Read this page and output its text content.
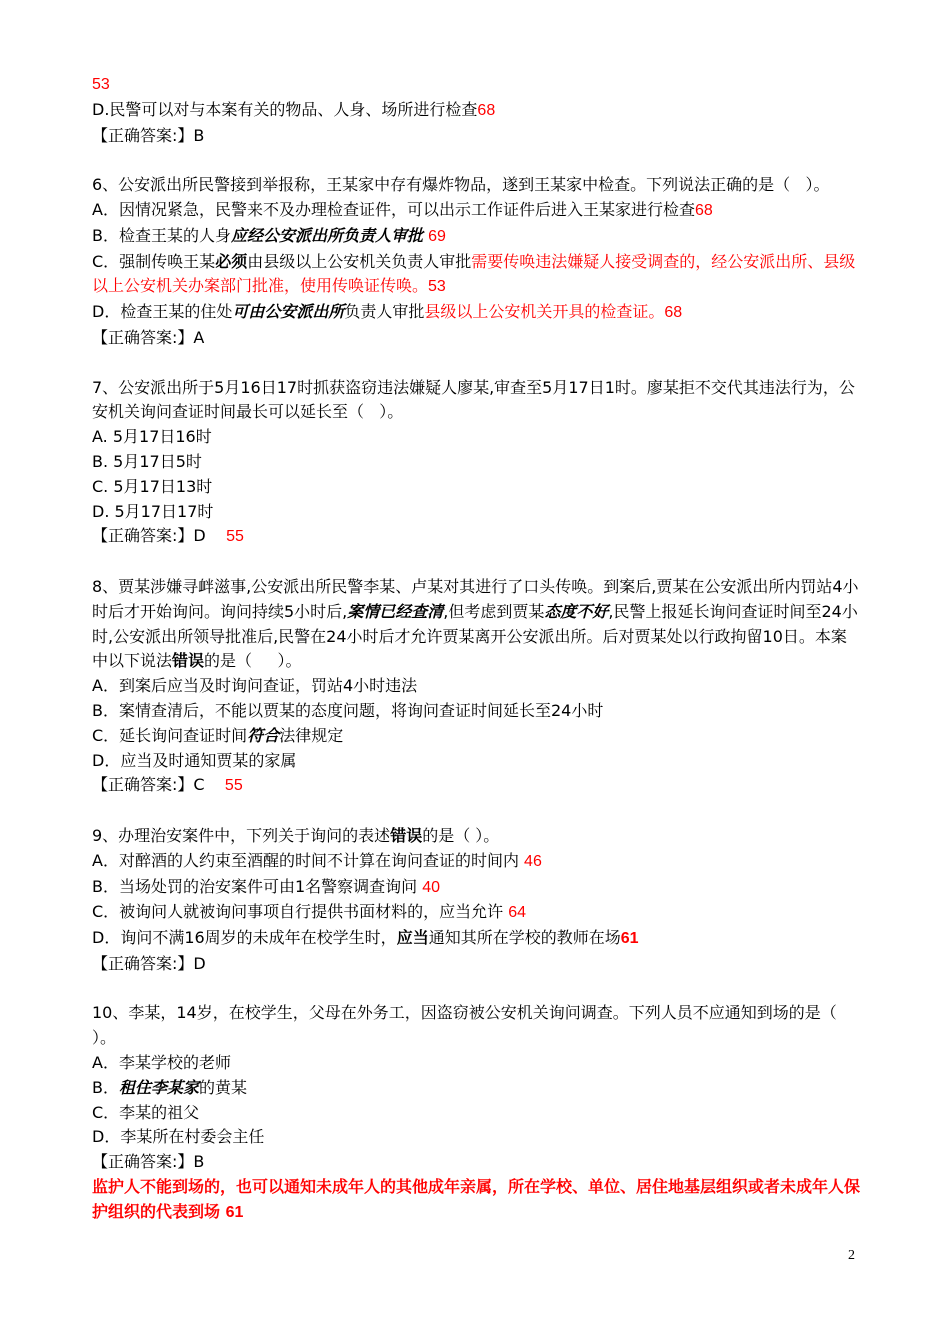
53
D.民警可以对与本案有关的物品、人身、场所进行检查68
【正确答案:】B
6、公安派出所民警接到举报称，王某家中存有爆炸物品，遂到王某家中检查。下列说法正确的是（   ）。
A．因情况紧急，民警来不及办理检查证件，可以出示工作证件后进入王某家进行检查68
B．检查王某的人身应经公安派出所负责人审批 69
C．强制传唤王某必须由县级以上公安机关负责人审批需要传唤违法嫌疑人接受调查的，经公安派出所、县级以上公安机关办案部门批准，使用传唤证传唤。53
D．检查王某的住处可由公安派出所负责人审批县级以上公安机关开具的检查证。68
【正确答案:】A
7、公安派出所于5月16日17时抓获盗窃违法嫌疑人廖某,审查至5月17日1时。廖某拒不交代其违法行为，公安机关询问查证时间最长可以延长至（   ）。
A. 5月17日16时
B. 5月17日5时
C. 5月17日13时
D. 5月17日17时
【正确答案:】D 55
8、贾某涉嫌寻衅滋事,公安派出所民警李某、卢某对其进行了口头传唤。到案后,贾某在公安派出所内罚站4小时后才开始询问。询问持续5小时后,案情已经查清,但考虑到贾某态度不好,民警上报延长询问查证时间至24小时,公安派出所领导批准后,民警在24小时后才允许贾某离开公安派出所。后对贾某处以行政拘留10日。本案中以下说法错误的是（     ）。
A．到案后应当及时询问查证，罚站4小时违法
B．案情查清后，不能以贾某的态度问题，将询问查证时间延长至24小时
C．延长询问查证时间符合法律规定
D．应当及时通知贾某的家属
【正确答案:】C 55
9、办理治安案件中，下列关于询问的表述错误的是（ ）。
A．对醉酒的人约束至酒醒的时间不计算在询问查证的时间内 46
B．当场处罚的治安案件可由1名警察调查询问 40
C．被询问人就被询问事项自行提供书面材料的，应当允许 64
D．询问不满16周岁的未成年在校学生时，应当通知其所在学校的教师在场61
【正确答案:】D
10、李某，14岁，在校学生，父母在外务工，因盗窃被公安机关询问调查。下列人员不应通知到场的是（   ）。
A．李某学校的老师
B．租住李某家的黄某
C．李某的祖父
D．李某所在村委会主任
【正确答案:】B
监护人不能到场的，也可以通知未成年人的其他成年亲属，所在学校、单位、居住地基层组织或者未成年人保护组织的代表到场 61
2
